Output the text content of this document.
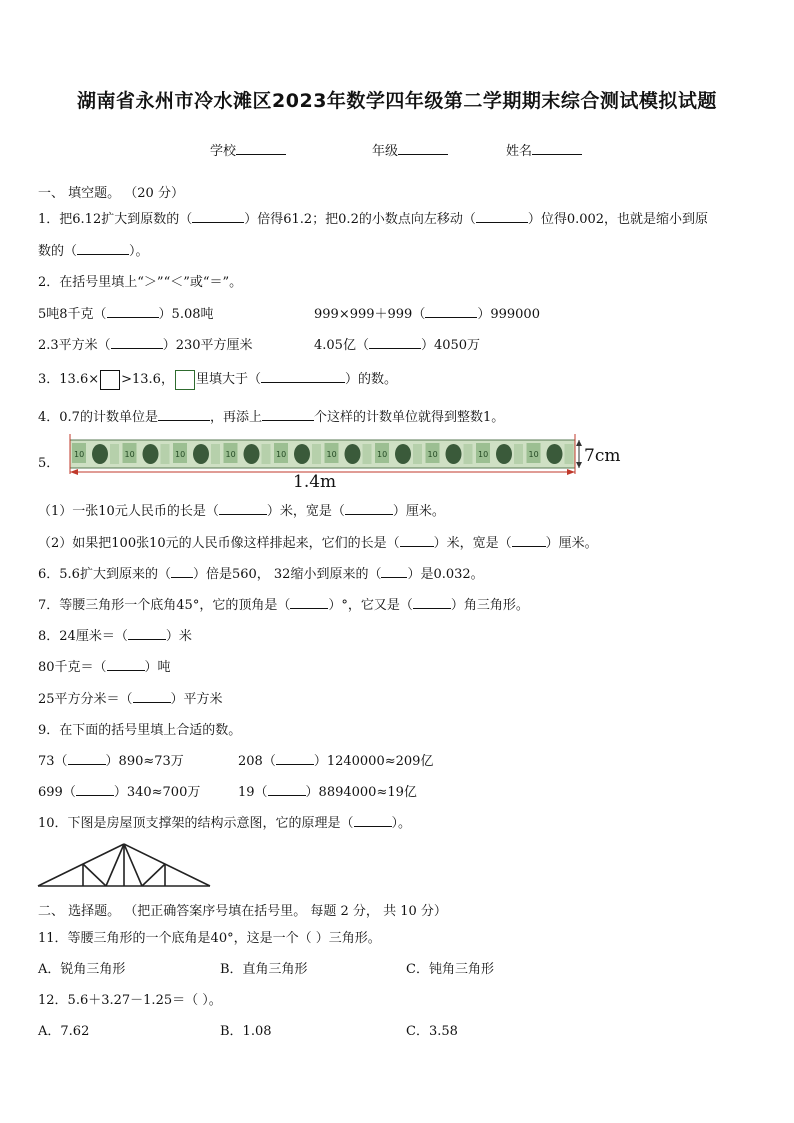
湖南省永州市冷水滩区2023年数学四年级第二学期期末综合测试模拟试题
学校	年级	姓名
一、 填空题。 （20 分）
1．把6.12扩大到原数的（	）倍得61.2；把0.2的小数点向左移动（	）位得0.002，也就是缩小到原
数的（	）。
2．在括号里填上“＞”“＜”或“＝”。
5吨8千克（	）5.08吨	999×999＋999（	）999000
2.3平方米（	）230平方厘米	4.05亿（	）4050万
3．13.6× >13.6， 里填大于（	）的数。
4．0.7的计数单位是	，再添上	个这样的计数单位就得到整数1。
5．	7cm
1.4m
（1）一张10元人民币的长是（	）米，宽是（	）厘米。
（2）如果把100张10元的人民币像这样排起来，它们的长是（	）米，宽是（	）厘米。
6．5.6扩大到原来的（ ）倍是560， 32缩小到原来的（ ）是0.032。
7．等腰三角形一个底角45°，它的顶角是（	）°，它又是（	）角三角形。
8．24厘米＝（	）米
80千克＝（	）吨
25平方分米＝（	）平方米
9．在下面的括号里填上合适的数。
73（	）890≈73万	208（	）1240000≈209亿
699（	）340≈700万	19（	）8894000≈19亿
10．下图是房屋顶支撑架的结构示意图，它的原理是（	）。
二、 选择题。 （把正确答案序号填在括号里。 每题 2 分， 共 10 分）
11．等腰三角形的一个底角是40°，这是一个（ ）三角形。
A．锐角三角形	B．直角三角形	C．钝角三角形
12．5.6＋3.27－1.25＝（ ）。
A．7.62	B．1.08	C．3.58
